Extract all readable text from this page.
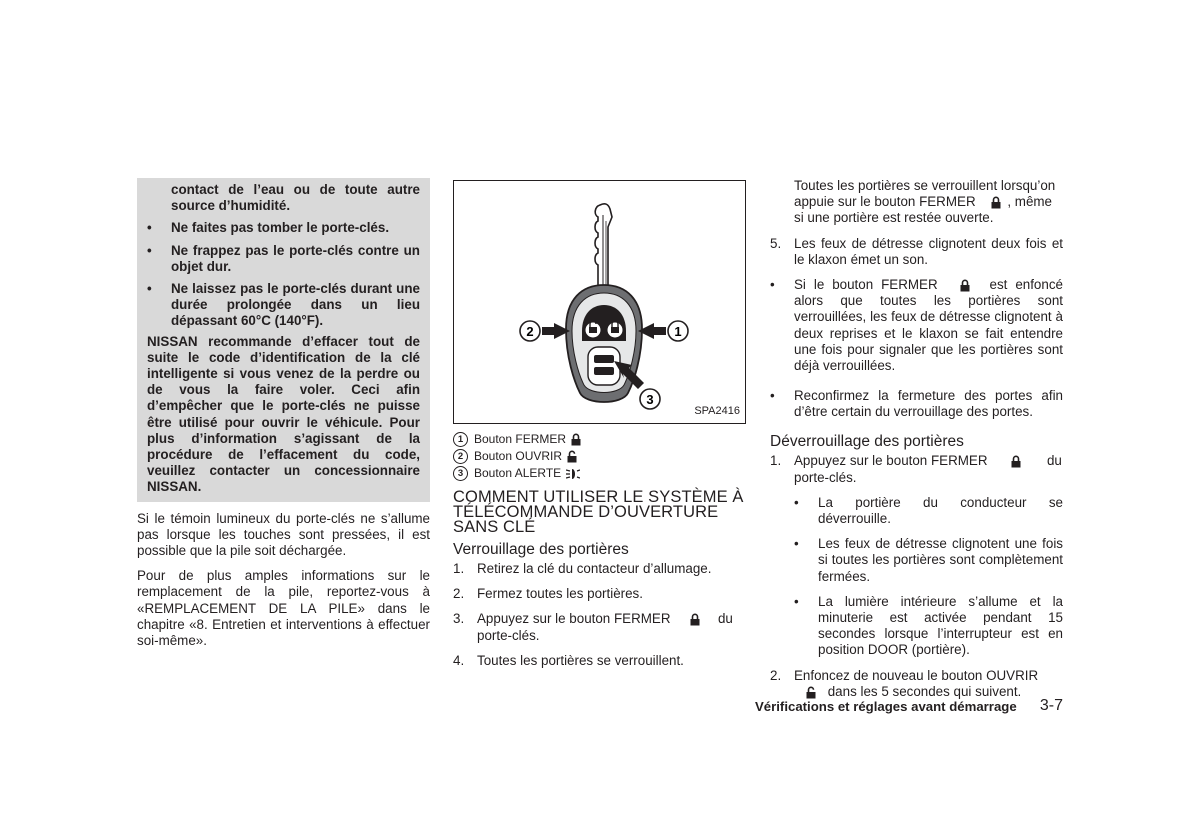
contact de l’eau ou de toute autre source d’humidité.

• Ne faites pas tomber le porte-clés.

• Ne frappez pas le porte-clés contre un objet dur.

• Ne laissez pas le porte-clés durant une durée prolongée dans un lieu dépassant 60°C (140°F).

NISSAN recommande d’effacer tout de suite le code d’identification de la clé intelligente si vous venez de la perdre ou de vous la faire voler. Ceci afin d’empêcher que le porte-clés ne puisse être utilisé pour ouvrir le véhicule. Pour plus d’information s’agissant de la procédure de l’effacement du code, veuillez contacter un concessionnaire NISSAN.

Si le témoin lumineux du porte-clés ne s’allume pas lorsque les touches sont pressées, il est possible que la pile soit déchargée.

Pour de plus amples informations sur le remplacement de la pile, reportez-vous à «REMPLACEMENT DE LA PILE» dans le chapitre «8. Entretien et interventions à effectuer soi-même».

1
2
3
SPA2416
1 Bouton FERMER
2 Bouton OUVRIR
3 Bouton ALERTE
COMMENT UTILISER LE SYSTÈME À TÉLÉCOMMANDE D’OUVERTURE SANS CLÉ
Verrouillage des portières

1. Retirez la clé du contacteur d’allumage.

2. Fermez toutes les portières.

3. Appuyez sur le bouton FERMER	du porte-clés.

4. Toutes les portières se verrouillent.

Toutes les portières se verrouillent lorsqu’on appuie sur le bouton FERMER , même si une portière est restée ouverte.

5. Les feux de détresse clignotent deux fois et le klaxon émet un son.

• Si le bouton FERMER	est enfoncé alors que toutes les portières sont verrouillées, les feux de détresse clignotent à deux reprises et le klaxon se fait entendre une fois pour signaler que les portières sont déjà verrouillées.

• Reconfirmez la fermeture des portes afin d’être certain du verrouillage des portes.

Déverrouillage des portières

1. Appuyez sur le bouton FERMER	du porte-clés.

• La portière du conducteur se déverrouille.

• Les feux de détresse clignotent une fois si toutes les portières sont complètement fermées.

• La lumière intérieure s’allume et la minuterie est activée pendant 15 secondes lorsque l’interrupteur est en position DOOR (portière).

2. Enfoncez de nouveau le bouton OUVRIR
dans les 5 secondes qui suivent.

Vérifications et réglages avant démarrage 3-7
